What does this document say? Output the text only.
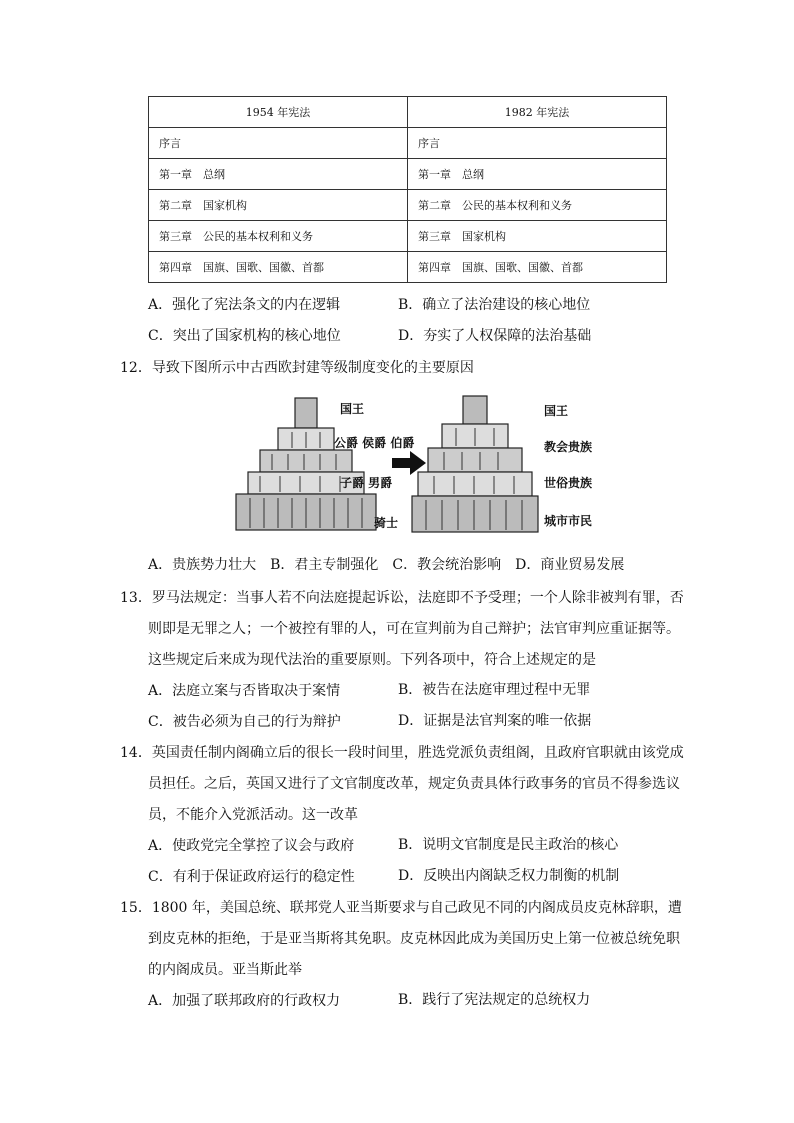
1954 年宪法	1982 年宪法
序言	序言
第一章　总纲	第一章　总纲
第二章　国家机构	第二章　公民的基本权利和义务
第三章　公民的基本权利和义务	第三章　国家机构
第四章　国旗、国歌、国徽、首都	第四章　国旗、国歌、国徽、首都
A．强化了宪法条文的内在逻辑	B．确立了法治建设的核心地位
C．突出了国家机构的核心地位	D．夯实了人权保障的法治基础
12．导致下图所示中古西欧封建等级制度变化的主要原因
国王
公爵 侯爵 伯爵
子爵 男爵
骑士
国王
教会贵族
世俗贵族
城市市民
A．贵族势力壮大　B．君主专制强化　C．教会统治影响　D．商业贸易发展
13．罗马法规定：当事人若不向法庭提起诉讼，法庭即不予受理；一个人除非被判有罪，否
则即是无罪之人；一个被控有罪的人，可在宣判前为自己辩护；法官审判应重证据等。
这些规定后来成为现代法治的重要原则。下列各项中，符合上述规定的是
A．法庭立案与否皆取决于案情	B．被告在法庭审理过程中无罪
C．被告必须为自己的行为辩护	D．证据是法官判案的唯一依据
14．英国责任制内阁确立后的很长一段时间里，胜选党派负责组阁，且政府官职就由该党成
员担任。之后，英国又进行了文官制度改革，规定负责具体行政事务的官员不得参选议
员，不能介入党派活动。这一改革
A．使政党完全掌控了议会与政府	B．说明文官制度是民主政治的核心
C．有利于保证政府运行的稳定性	D．反映出内阁缺乏权力制衡的机制
15．1800 年，美国总统、联邦党人亚当斯要求与自己政见不同的内阁成员皮克林辞职，遭
到皮克林的拒绝，于是亚当斯将其免职。皮克林因此成为美国历史上第一位被总统免职
的内阁成员。亚当斯此举
A．加强了联邦政府的行政权力	B．践行了宪法规定的总统权力
